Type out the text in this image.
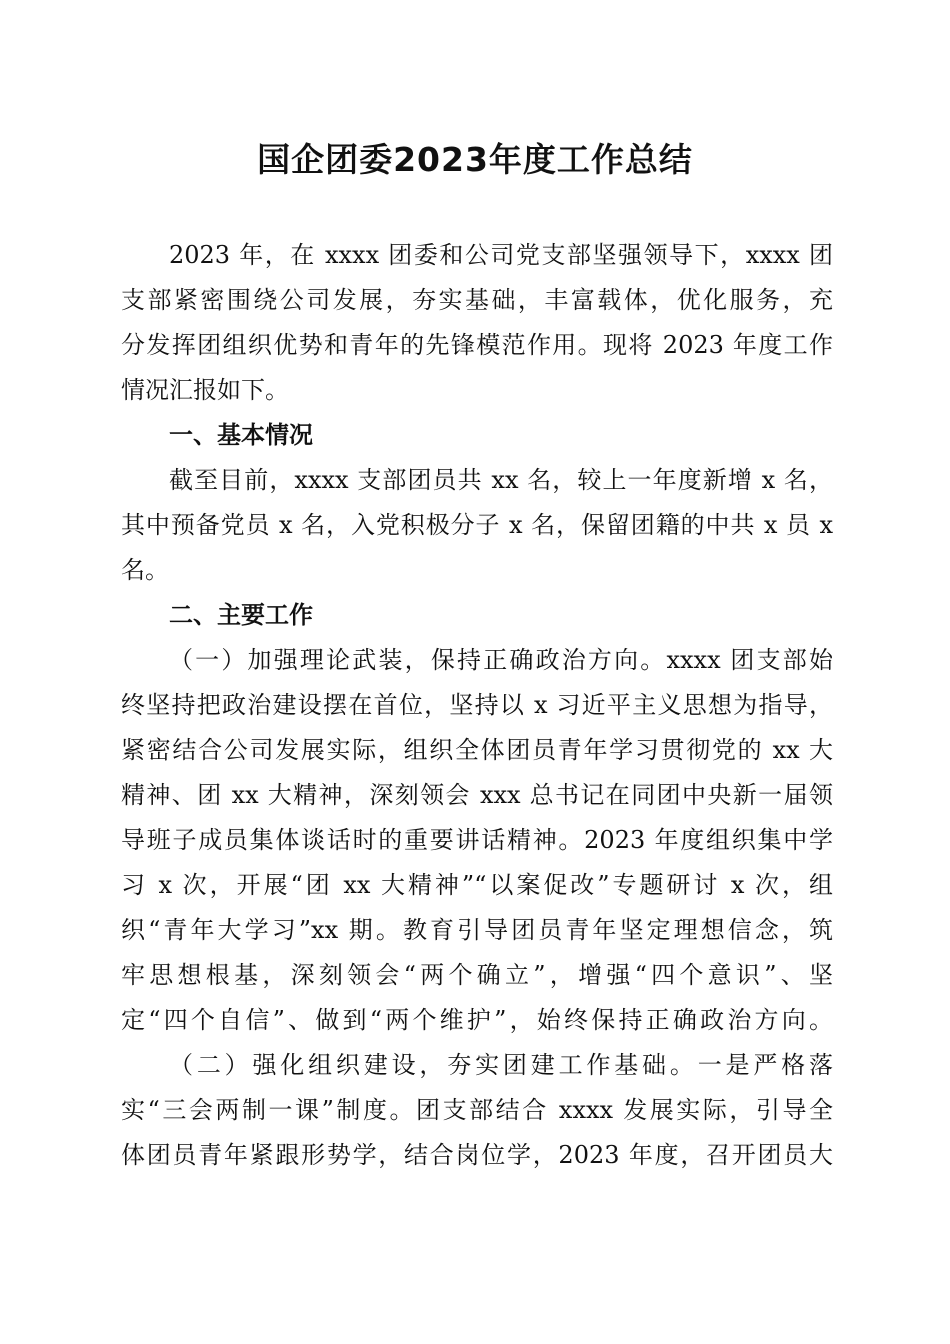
国企团委2023年度工作总结
2023 年，在 xxxx 团委和公司党支部坚强领导下，xxxx 团
支部紧密围绕公司发展，夯实基础，丰富载体，优化服务，充
分发挥团组织优势和青年的先锋模范作用。现将 2023 年度工作
情况汇报如下。
一、基本情况
截至目前，xxxx 支部团员共 xx 名，较上一年度新增 x 名，
其中预备党员 x 名，入党积极分子 x 名，保留团籍的中共 x 员 x
名。
二、主要工作
（一）加强理论武装，保持正确政治方向。xxxx 团支部始
终坚持把政治建设摆在首位，坚持以 x 习近平主义思想为指导，
紧密结合公司发展实际，组织全体团员青年学习贯彻党的 xx 大
精神、团 xx 大精神，深刻领会 xxx 总书记在同团中央新一届领
导班子成员集体谈话时的重要讲话精神。2023 年度组织集中学
习 x 次，开展“团 xx 大精神”“以案促改”专题研讨 x 次，组
织“青年大学习”xx 期。教育引导团员青年坚定理想信念，筑
牢思想根基，深刻领会“两个确立”，增强“四个意识”、坚
定“四个自信”、做到“两个维护”，始终保持正确政治方向。
（二）强化组织建设，夯实团建工作基础。一是严格落
实“三会两制一课”制度。团支部结合 xxxx 发展实际，引导全
体团员青年紧跟形势学，结合岗位学，2023 年度，召开团员大
